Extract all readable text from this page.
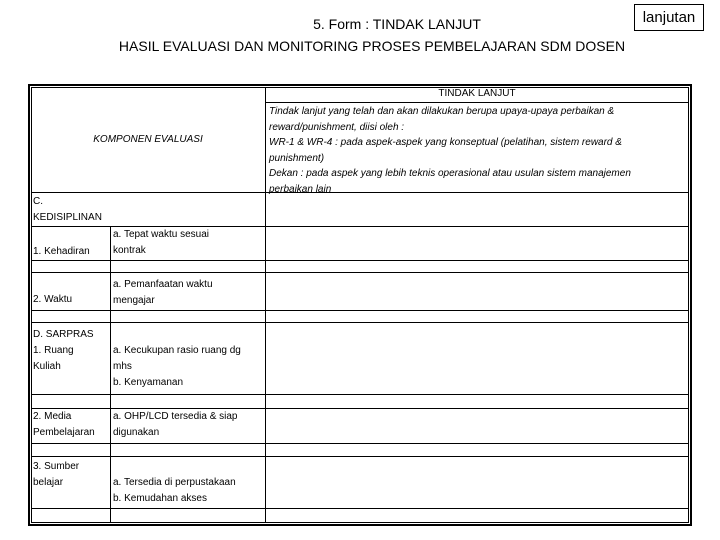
lanjutan
5. Form : TINDAK LANJUT
HASIL EVALUASI DAN MONITORING PROSES PEMBELAJARAN SDM DOSEN
TINDAK LANJUT
KOMPONEN EVALUASI
Tindak lanjut yang telah dan akan dilakukan berupa upaya-upaya perbaikan &
reward/punishment, diisi oleh :
WR-1 & WR-4 : pada aspek-aspek yang konseptual (pelatihan, sistem reward &
punishment)
Dekan : pada aspek yang lebih teknis operasional atau usulan sistem manajemen
perbaikan lain
C.
KEDISIPLINAN
1. Kehadiran
a. Tepat waktu sesuai
kontrak
2. Waktu
a. Pemanfaatan waktu
mengajar
D. SARPRAS
1. Ruang
Kuliah
a. Kecukupan rasio ruang dg
mhs
b. Kenyamanan
2. Media
Pembelajaran
a. OHP/LCD tersedia & siap
digunakan
3. Sumber
belajar	a. Tersedia di perpustakaan
b. Kemudahan akses
